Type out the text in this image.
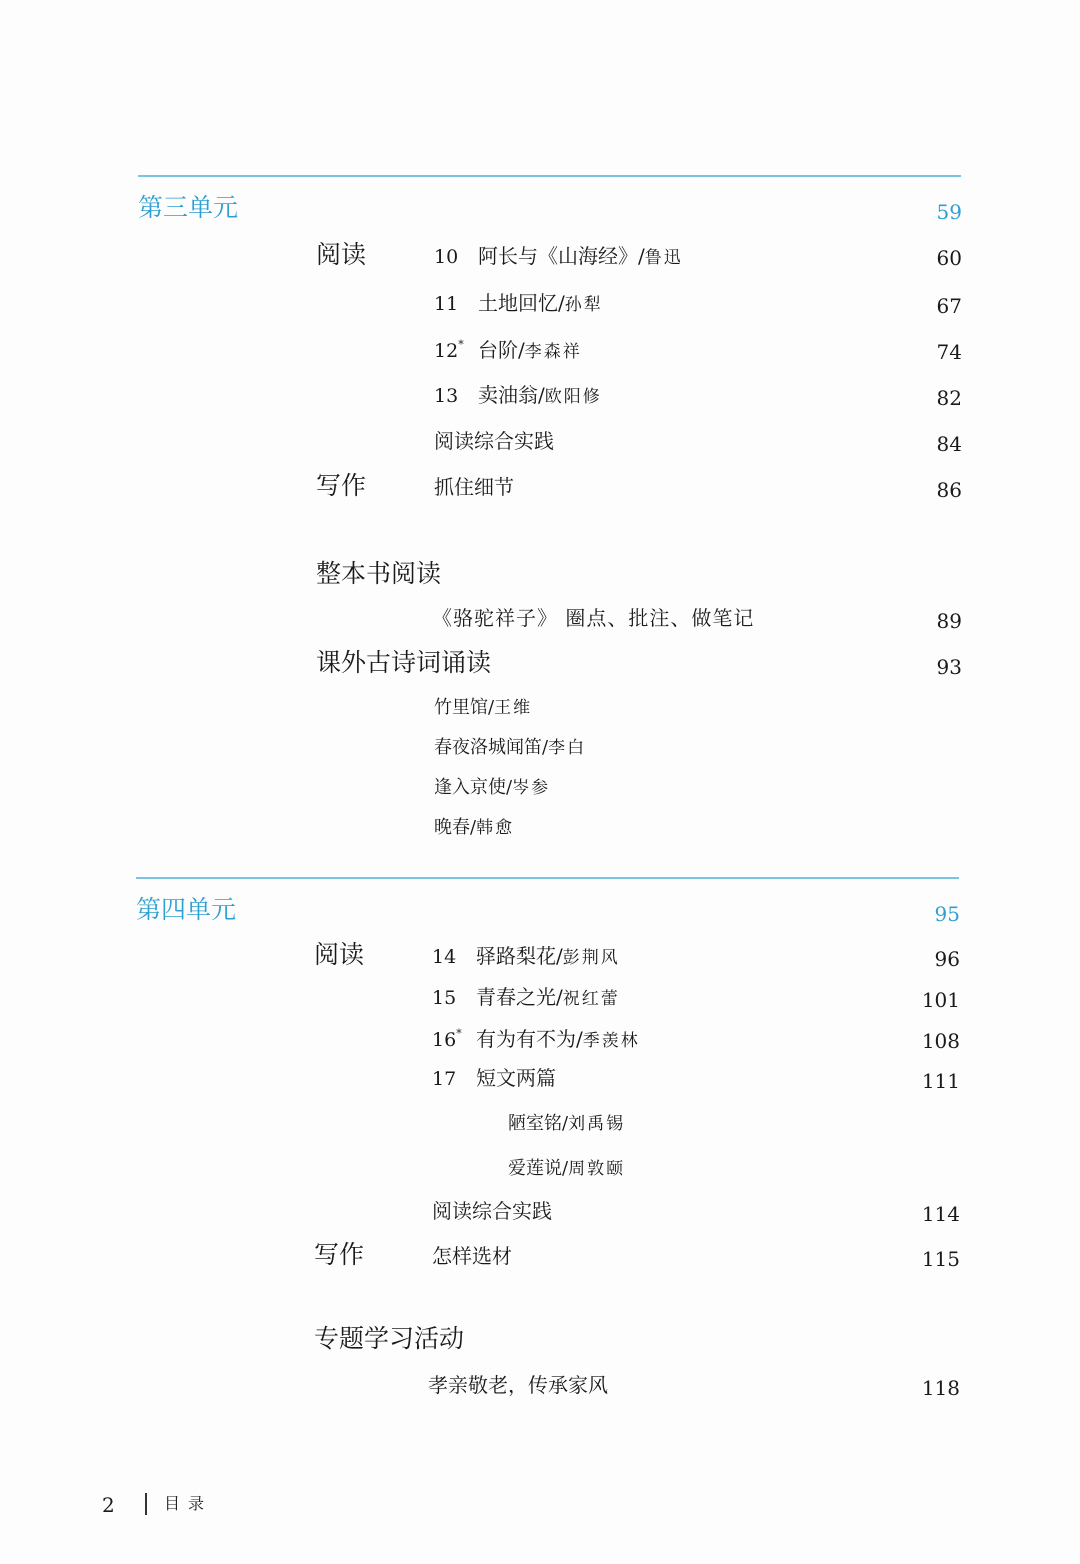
第三单元	59
阅读	10 阿长与《山海经》/鲁迅	60
11 土地回忆/孙犁	67
12* 台阶/李森祥	74
13 卖油翁/欧阳修	82
阅读综合实践	84
写作	抓住细节	86
整本书阅读
《骆驼祥子》 圈点、批注、做笔记	89
课外古诗词诵读	93
竹里馆/王维
春夜洛城闻笛/李白
逢入京使/岑参
晚春/韩愈
第四单元	95
阅读	14 驿路梨花/彭荆风	96
15 青春之光/祝红蕾	101
16* 有为有不为/季羡林	108
17 短文两篇	111
陋室铭/刘禹锡
爱莲说/周敦颐
阅读综合实践	114
写作	怎样选材	115
专题学习活动
孝亲敬老，传承家风	118
2	目录
